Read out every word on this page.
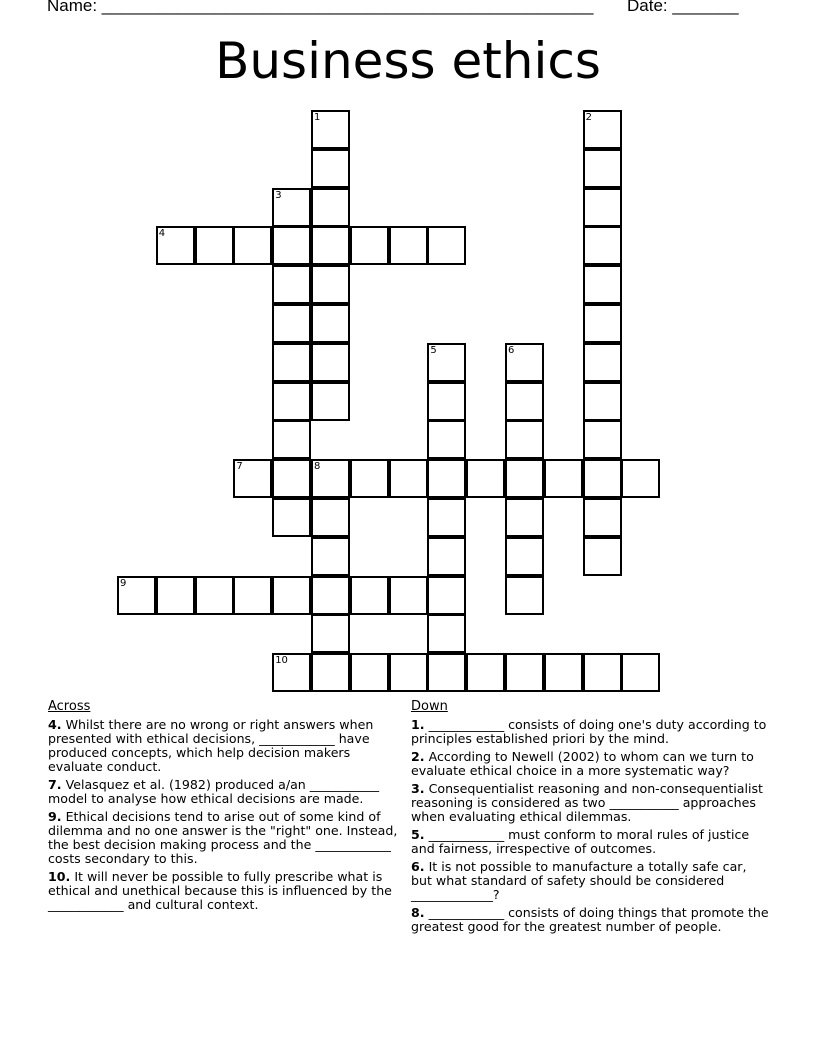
Name: ____________________________________________________ Date: _______
Business ethics
1	2
3
4
5	6
7	8
9
10
Across
4. Whilst there are no wrong or right answers when presented with ethical decisions, ____________ have produced concepts, which help decision makers evaluate conduct.
7. Velasquez et al. (1982) produced a/an ___________ model to analyse how ethical decisions are made.
9. Ethical decisions tend to arise out of some kind of dilemma and no one answer is the "right" one. Instead, the best decision making process and the ____________ costs secondary to this.
10. It will never be possible to fully prescribe what is ethical and unethical because this is influenced by the ____________ and cultural context.
Down
1. ____________ consists of doing one's duty according to principles established priori by the mind.
2. According to Newell (2002) to whom can we turn to evaluate ethical choice in a more systematic way?
3. Consequentialist reasoning and non-consequentialist reasoning is considered as two ___________ approaches when evaluating ethical dilemmas.
5. ____________ must conform to moral rules of justice and fairness, irrespective of outcomes.
6. It is not possible to manufacture a totally safe car, but what standard of safety should be considered _____________?
8. ____________ consists of doing things that promote the greatest good for the greatest number of people.
